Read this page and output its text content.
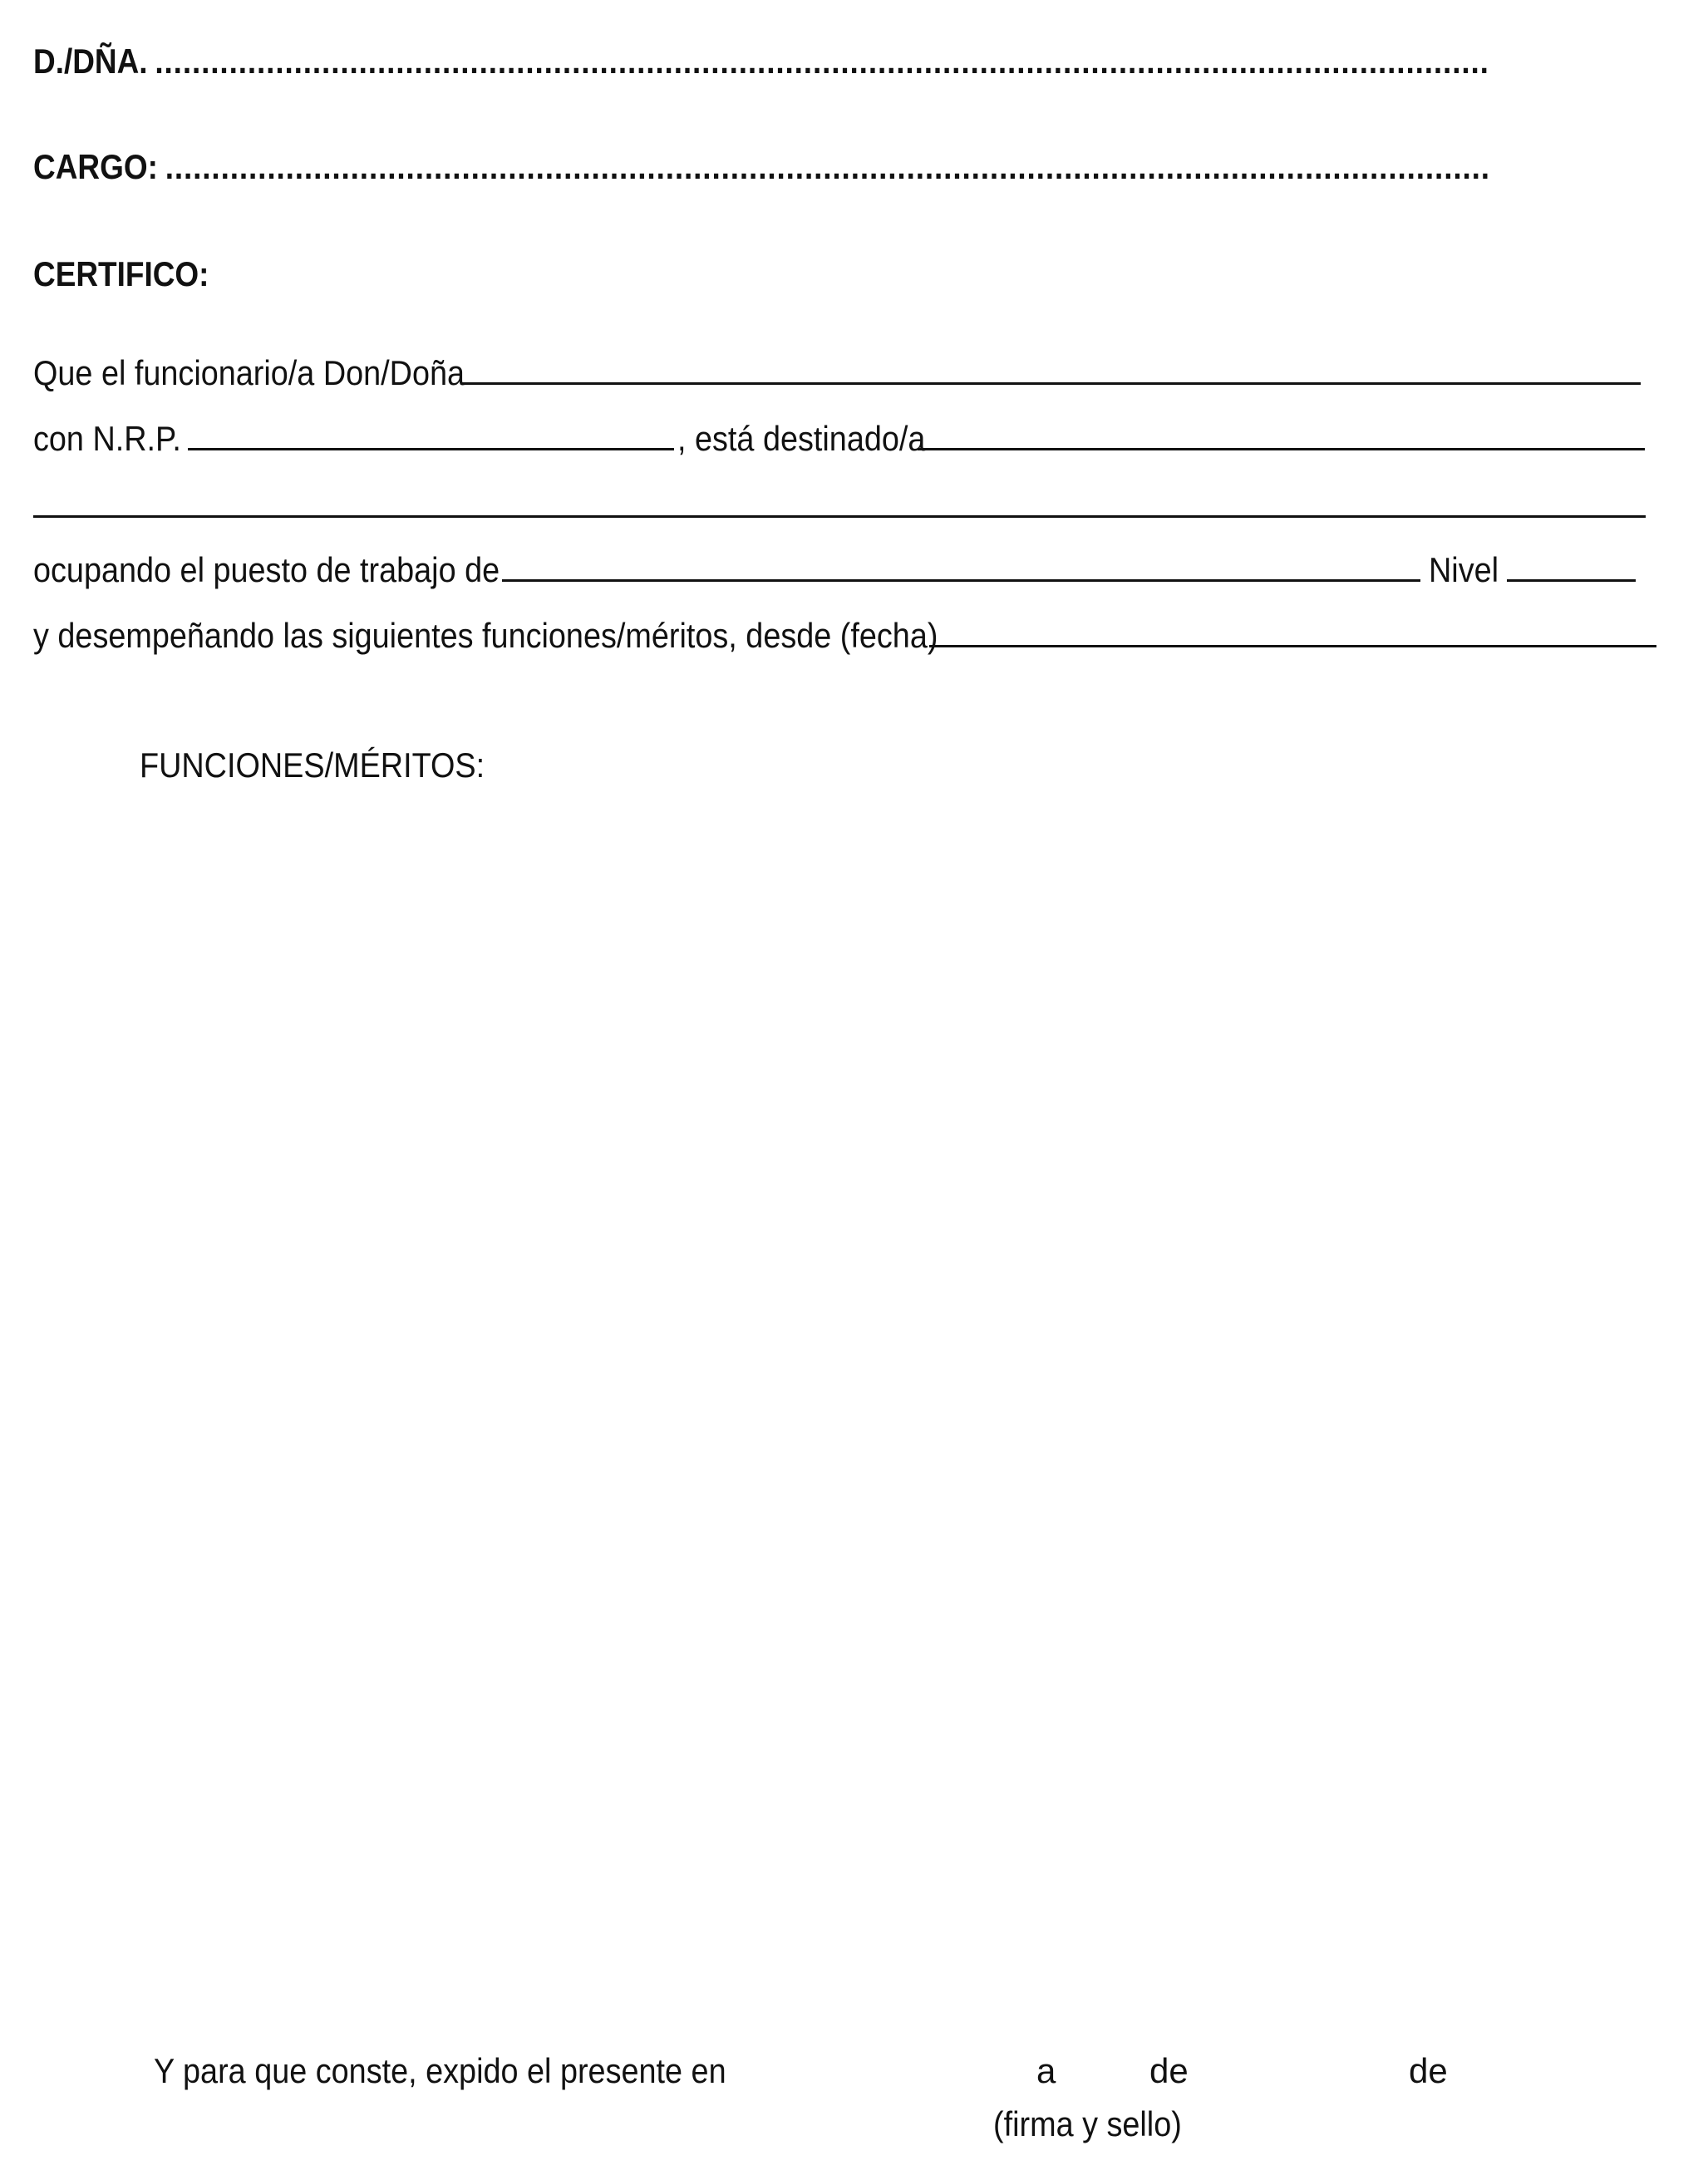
D./DÑA.
.....
CARGO:
.....
CERTIFICO:
Que el funcionario/a Don/Doña
con N.R.P.	, está destinado/a
ocupando el puesto de trabajo de	Nivel
y desempeñando las siguientes funciones/méritos, desde (fecha)
FUNCIONES/MÉRITOS:
Y para que conste, expido el presente en	a	de	de
(firma y sello)
